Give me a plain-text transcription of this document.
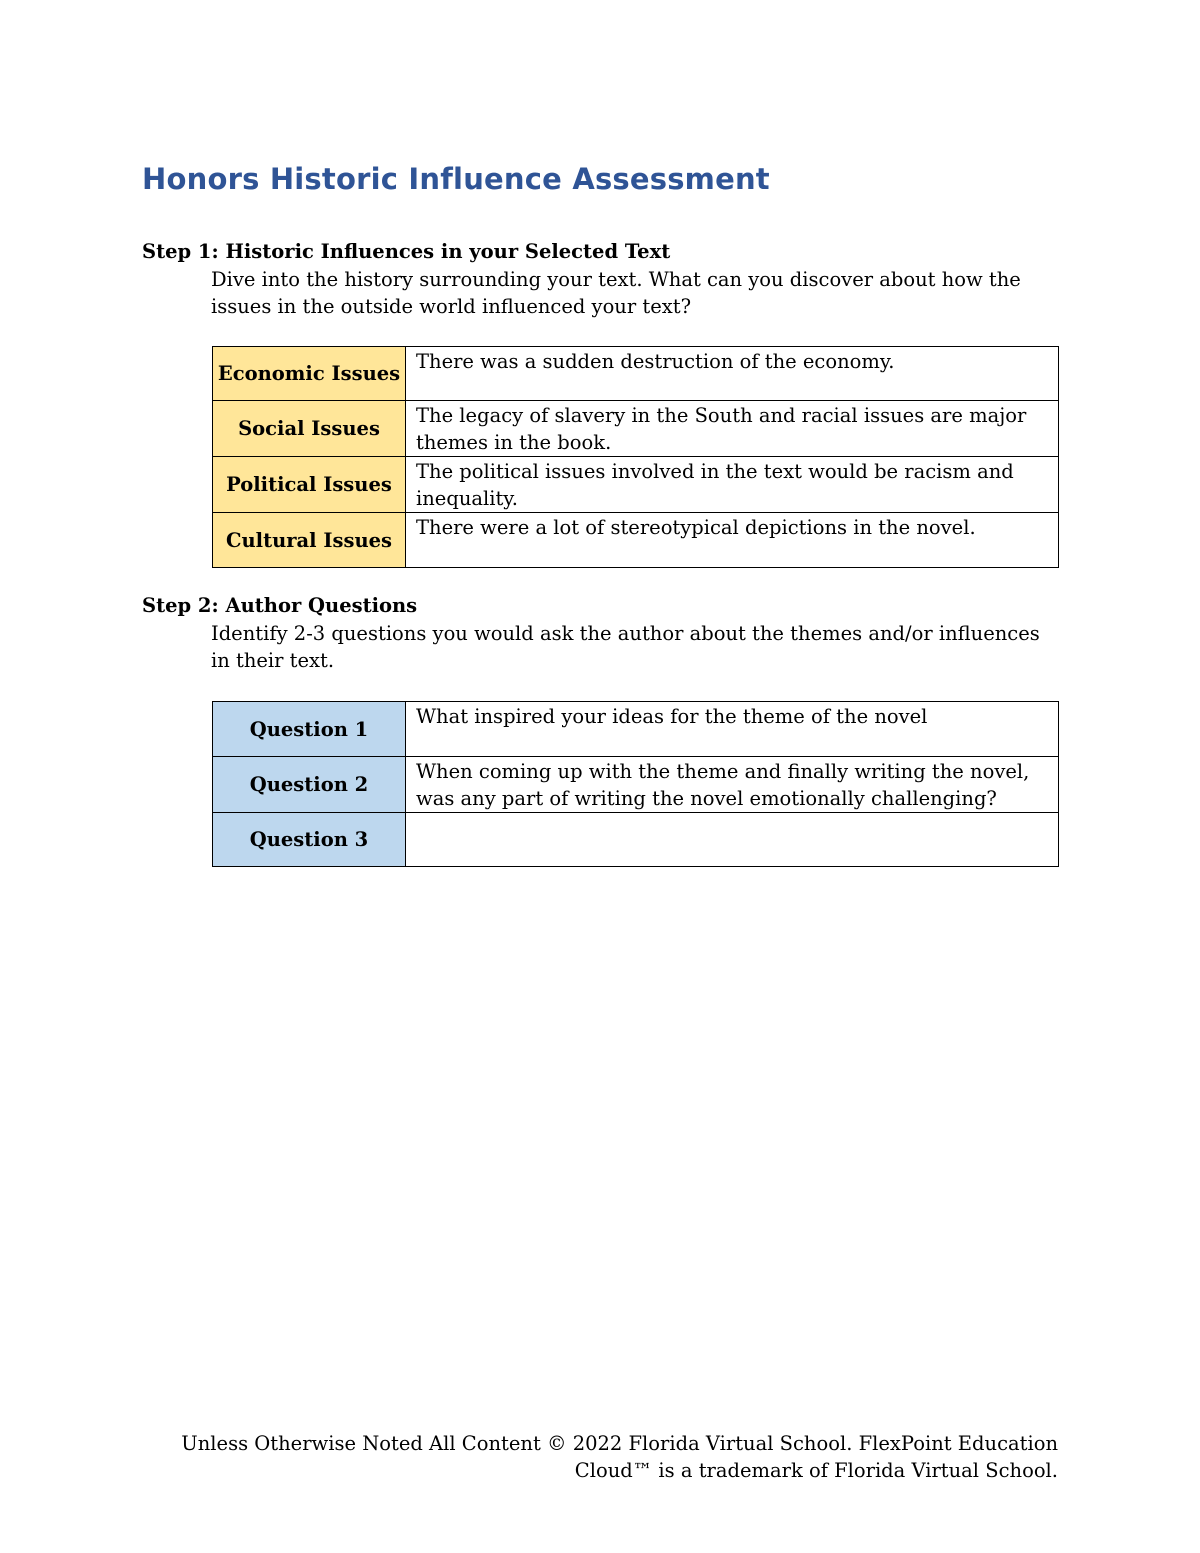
Honors Historic Influence Assessment
Step 1: Historic Influences in your Selected Text
Dive into the history surrounding your text. What can you discover about how the issues in the outside world influenced your text?
Economic Issues	There was a sudden destruction of the economy.
Social Issues	The legacy of slavery in the South and racial issues are major themes in the book.
Political Issues	The political issues involved in the text would be racism and inequality.
Cultural Issues	There were a lot of stereotypical depictions in the novel.
Step 2: Author Questions
Identify 2-3 questions you would ask the author about the themes and/or influences in their text.
Question 1	What inspired your ideas for the theme of the novel
Question 2	When coming up with the theme and finally writing the novel, was any part of writing the novel emotionally challenging?
Question 3	
Unless Otherwise Noted All Content © 2022 Florida Virtual School. FlexPoint Education
Cloud™ is a trademark of Florida Virtual School.
